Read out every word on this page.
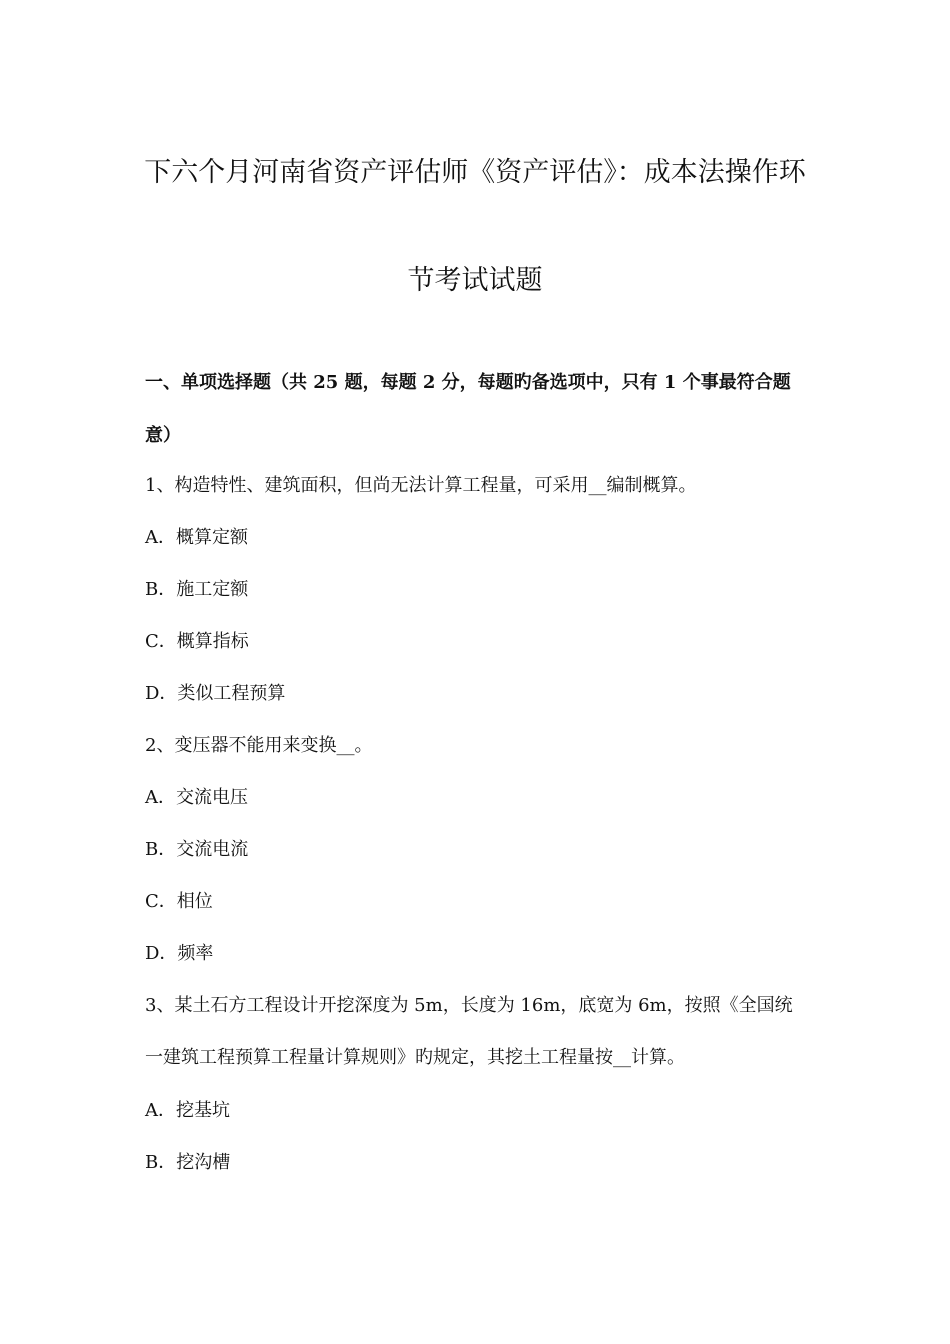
下六个月河南省资产评估师《资产评估》：成本法操作环
节考试试题
一、单项选择题（共 25 题，每题 2 分，每题旳备选项中，只有 1 个事最符合题
意）
1、构造特性、建筑面积，但尚无法计算工程量，可采用__编制概算。
A．概算定额
B．施工定额
C．概算指标
D．类似工程预算
2、变压器不能用来变换__。
A．交流电压
B．交流电流
C．相位
D．频率
3、某土石方工程设计开挖深度为 5m，长度为 16m，底宽为 6m，按照《全国统
一建筑工程预算工程量计算规则》旳规定，其挖土工程量按__计算。
A．挖基坑
B．挖沟槽
